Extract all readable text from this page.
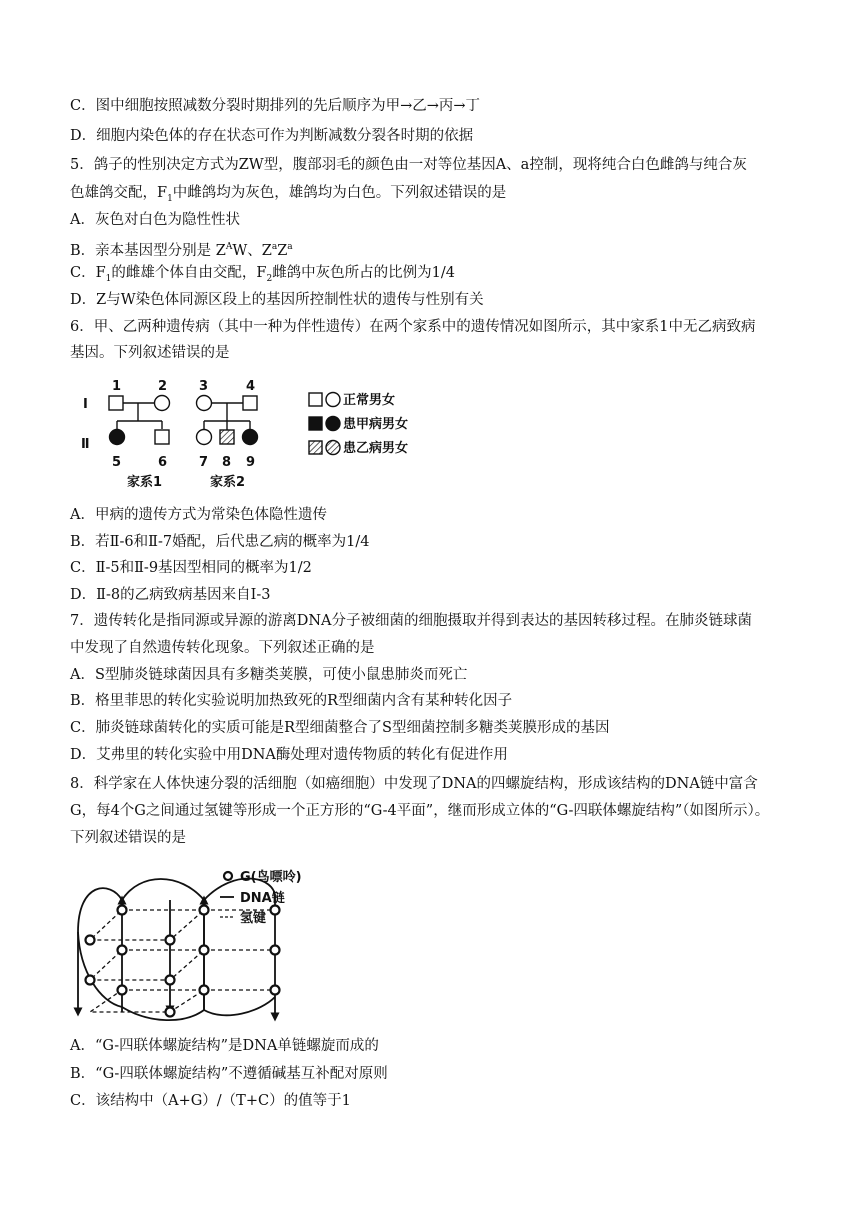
C．图中细胞按照减数分裂时期排列的先后顺序为甲→乙→丙→丁
D．细胞内染色体的存在状态可作为判断减数分裂各时期的依据
5．鸽子的性别决定方式为ZW型，腹部羽毛的颜色由一对等位基因A、a控制，现将纯合白色雌鸽与纯合灰
色雄鸽交配，$F_1$中雌鸽均为灰色，雄鸽均为白色。下列叙述错误的是
A．灰色对白色为隐性性状
B．亲本基因型分别是 $Z^AW$、$Z^aZ^a$
C．$F_1$的雌雄个体自由交配，$F_2$雌鸽中灰色所占的比例为1/4
D．Z与W染色体同源区段上的基因所控制性状的遗传与性别有关
6．甲、乙两种遗传病（其中一种为伴性遗传）在两个家系中的遗传情况如图所示，其中家系1中无乙病致病
基因。下列叙述错误的是
I
Ⅱ
1	2 3	4
5	6 7 8 9
家系1	家系2
正常男女
患甲病男女
患乙病男女
A．甲病的遗传方式为常染色体隐性遗传
B．若Ⅱ-6和Ⅱ-7婚配，后代患乙病的概率为1/4
C．Ⅱ-5和Ⅱ-9基因型相同的概率为1/2
D．Ⅱ-8的乙病致病基因来自I-3
7．遗传转化是指同源或异源的游离DNA分子被细菌的细胞摄取并得到表达的基因转移过程。在肺炎链球菌
中发现了自然遗传转化现象。下列叙述正确的是
A．S型肺炎链球菌因具有多糖类荚膜，可使小鼠患肺炎而死亡
B．格里菲思的转化实验说明加热致死的R型细菌内含有某种转化因子
C．肺炎链球菌转化的实质可能是R型细菌整合了S型细菌控制多糖类荚膜形成的基因
D．艾弗里的转化实验中用DNA酶处理对遗传物质的转化有促进作用
8．科学家在人体快速分裂的活细胞（如癌细胞）中发现了DNA的四螺旋结构，形成该结构的DNA链中富含
G，每4个G之间通过氢键等形成一个正方形的“G-4平面”，继而形成立体的“G-四联体螺旋结构”（如图所示）。
下列叙述错误的是
G(鸟嘌呤)
DNA链
氢键
A．“G-四联体螺旋结构”是DNA单链螺旋而成的
B．“G-四联体螺旋结构”不遵循碱基互补配对原则
C．该结构中（A+G）/（T+C）的值等于1
